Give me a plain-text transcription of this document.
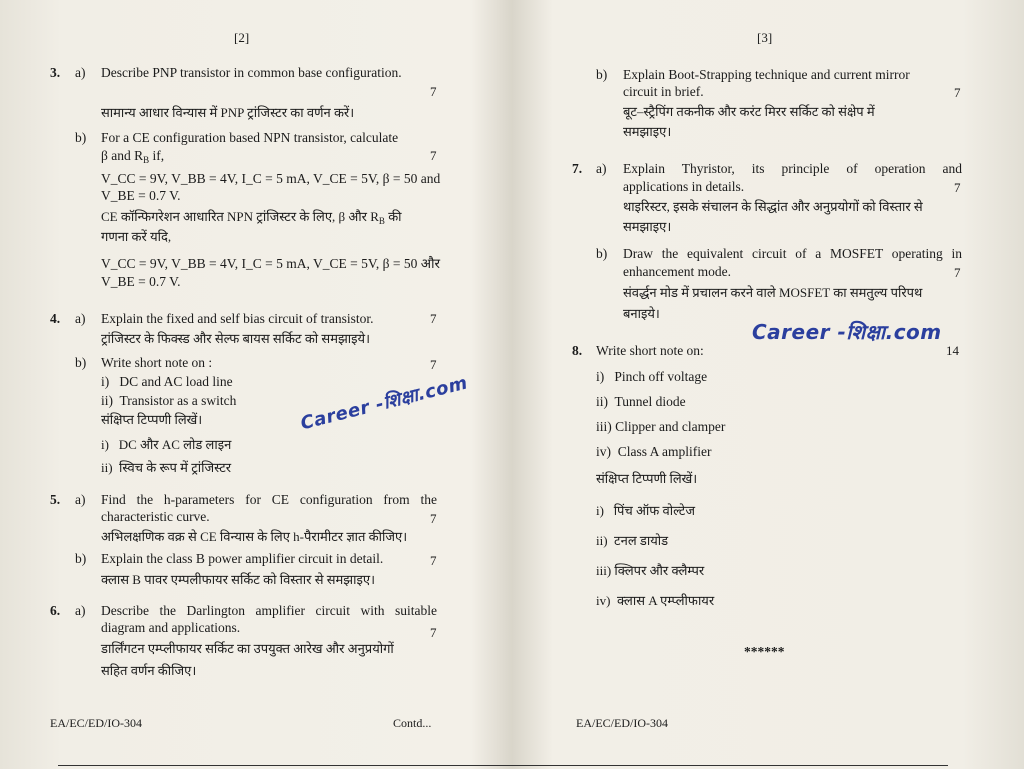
[2]
3. a) Describe PNP transistor in common base configuration.
7
सामान्य आधार विन्यास में PNP ट्रांजिस्टर का वर्णन करें।
b) For a CE configuration based NPN transistor, calculate
β and $R_B$ if,	7
V_CC = 9V, V_BB = 4V, I_C = 5 mA, V_CE = 5V, β = 50 and
V_BE = 0.7 V.
CE कॉन्फिगरेशन आधारित NPN ट्रांजिस्टर के लिए, β और $R_B$ की
गणना करें यदि,
V_CC = 9V, V_BB = 4V, I_C = 5 mA, V_CE = 5V, β = 50 और
V_BE = 0.7 V.
4. a) Explain the fixed and self bias circuit of transistor.	7
ट्रांजिस्टर के फिक्स्ड और सेल्फ बायस सर्किट को समझाइये।
b) Write short note on :	7
i)   DC and AC load line
ii)  Transistor as a switch
संक्षिप्त टिप्पणी लिखें।
i)   DC और AC लोड लाइन
ii)  स्विच के रूप में ट्रांजिस्टर
Career -शिक्षा.com
5. a) Find the h-parameters for CE configuration from the
characteristic curve.	7
अभिलक्षणिक वक्र से CE विन्यास के लिए h-पैरामीटर ज्ञात कीजिए।
b) Explain the class B power amplifier circuit in detail.	7
क्लास B पावर एम्पलीफायर सर्किट को विस्तार से समझाइए।
6. a) Describe the Darlington amplifier circuit with suitable
diagram and applications.	7
डार्लिंगटन एम्प्लीफायर सर्किट का उपयुक्त आरेख और अनुप्रयोगों
सहित वर्णन कीजिए।
EA/EC/ED/IO-304	Contd...
[3]
b) Explain Boot-Strapping technique and current mirror
circuit in brief.	7
बूट–स्ट्रैपिंग तकनीक और करंट मिरर सर्किट को संक्षेप में
समझाइए।
7. a) Explain Thyristor, its principle of operation and
applications in details.	7
थाइरिस्टर, इसके संचालन के सिद्धांत और अनुप्रयोगों को विस्तार से
समझाइए।
b) Draw the equivalent circuit of a MOSFET operating in
enhancement mode.	7
संवर्द्धन मोड में प्रचालन करने वाले MOSFET का समतुल्य परिपथ
बनाइये।
Career -शिक्षा.com
8. Write short note on:	14
i)   Pinch off voltage
ii)  Tunnel diode
iii) Clipper and clamper
iv)  Class A amplifier
संक्षिप्त टिप्पणी लिखें।
i)   पिंच ऑफ वोल्टेज
ii)  टनल डायोड
iii) क्लिपर और क्लैम्पर
iv)  क्लास A एम्प्लीफायर
******
EA/EC/ED/IO-304
